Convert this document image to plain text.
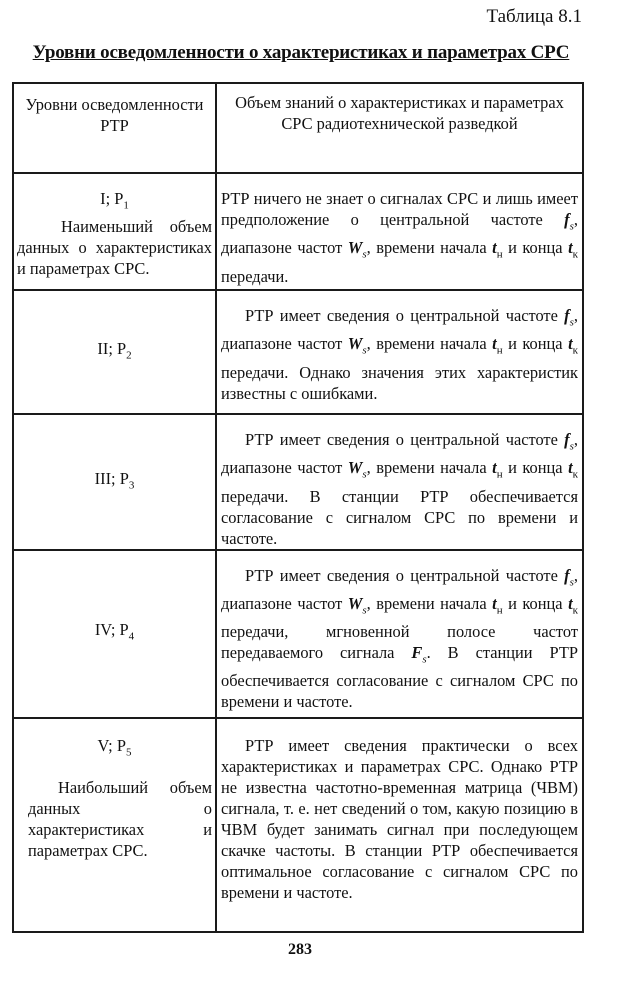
Таблица 8.1
Уровни осведомленности о характеристиках и параметрах СРС
Уровни осведомленности РТР	Объем знаний о характеристиках и параметрах СРС радиотехнической разведкой

I; $P_1$
Наименьший объем данных о характеристиках и параметрах СРС.	РТР ничего не знает о сигналах СРС и лишь имеет предположение о центральной частоте $f_s$, диапазоне частот $W_s$, времени начала $t_н$ и конца $t_к$ передачи.

II; $P_2$	РТР имеет сведения о центральной частоте $f_s$, диапазоне частот $W_s$, времени начала $t_н$ и конца $t_к$ передачи. Однако значения этих характеристик известны с ошибками.

III; $P_3$	РТР имеет сведения о центральной частоте $f_s$, диапазоне частот $W_s$, времени начала $t_н$ и конца $t_к$ передачи. В станции РТР обеспечивается согласование с сигналом СРС по времени и частоте.

IV; $P_4$	РТР имеет сведения о центральной частоте $f_s$, диапазоне частот $W_s$, времени начала $t_н$ и конца $t_к$ передачи, мгновенной полосе частот передаваемого сигнала $F_s$. В станции РТР обеспечивается согласование с сигналом СРС по времени и частоте.

V; $P_5$
Наибольший объем данных о характеристиках и параметрах СРС.	РТР имеет сведения практически о всех характеристиках и параметрах СРС. Однако РТР не известна частотно-временная матрица (ЧВМ) сигнала, т. е. нет сведений о том, какую позицию в ЧВМ будет занимать сигнал при последующем скачке частоты. В станции РТР обеспечивается оптимальное согласование с сигналом СРС по времени и частоте.
283
